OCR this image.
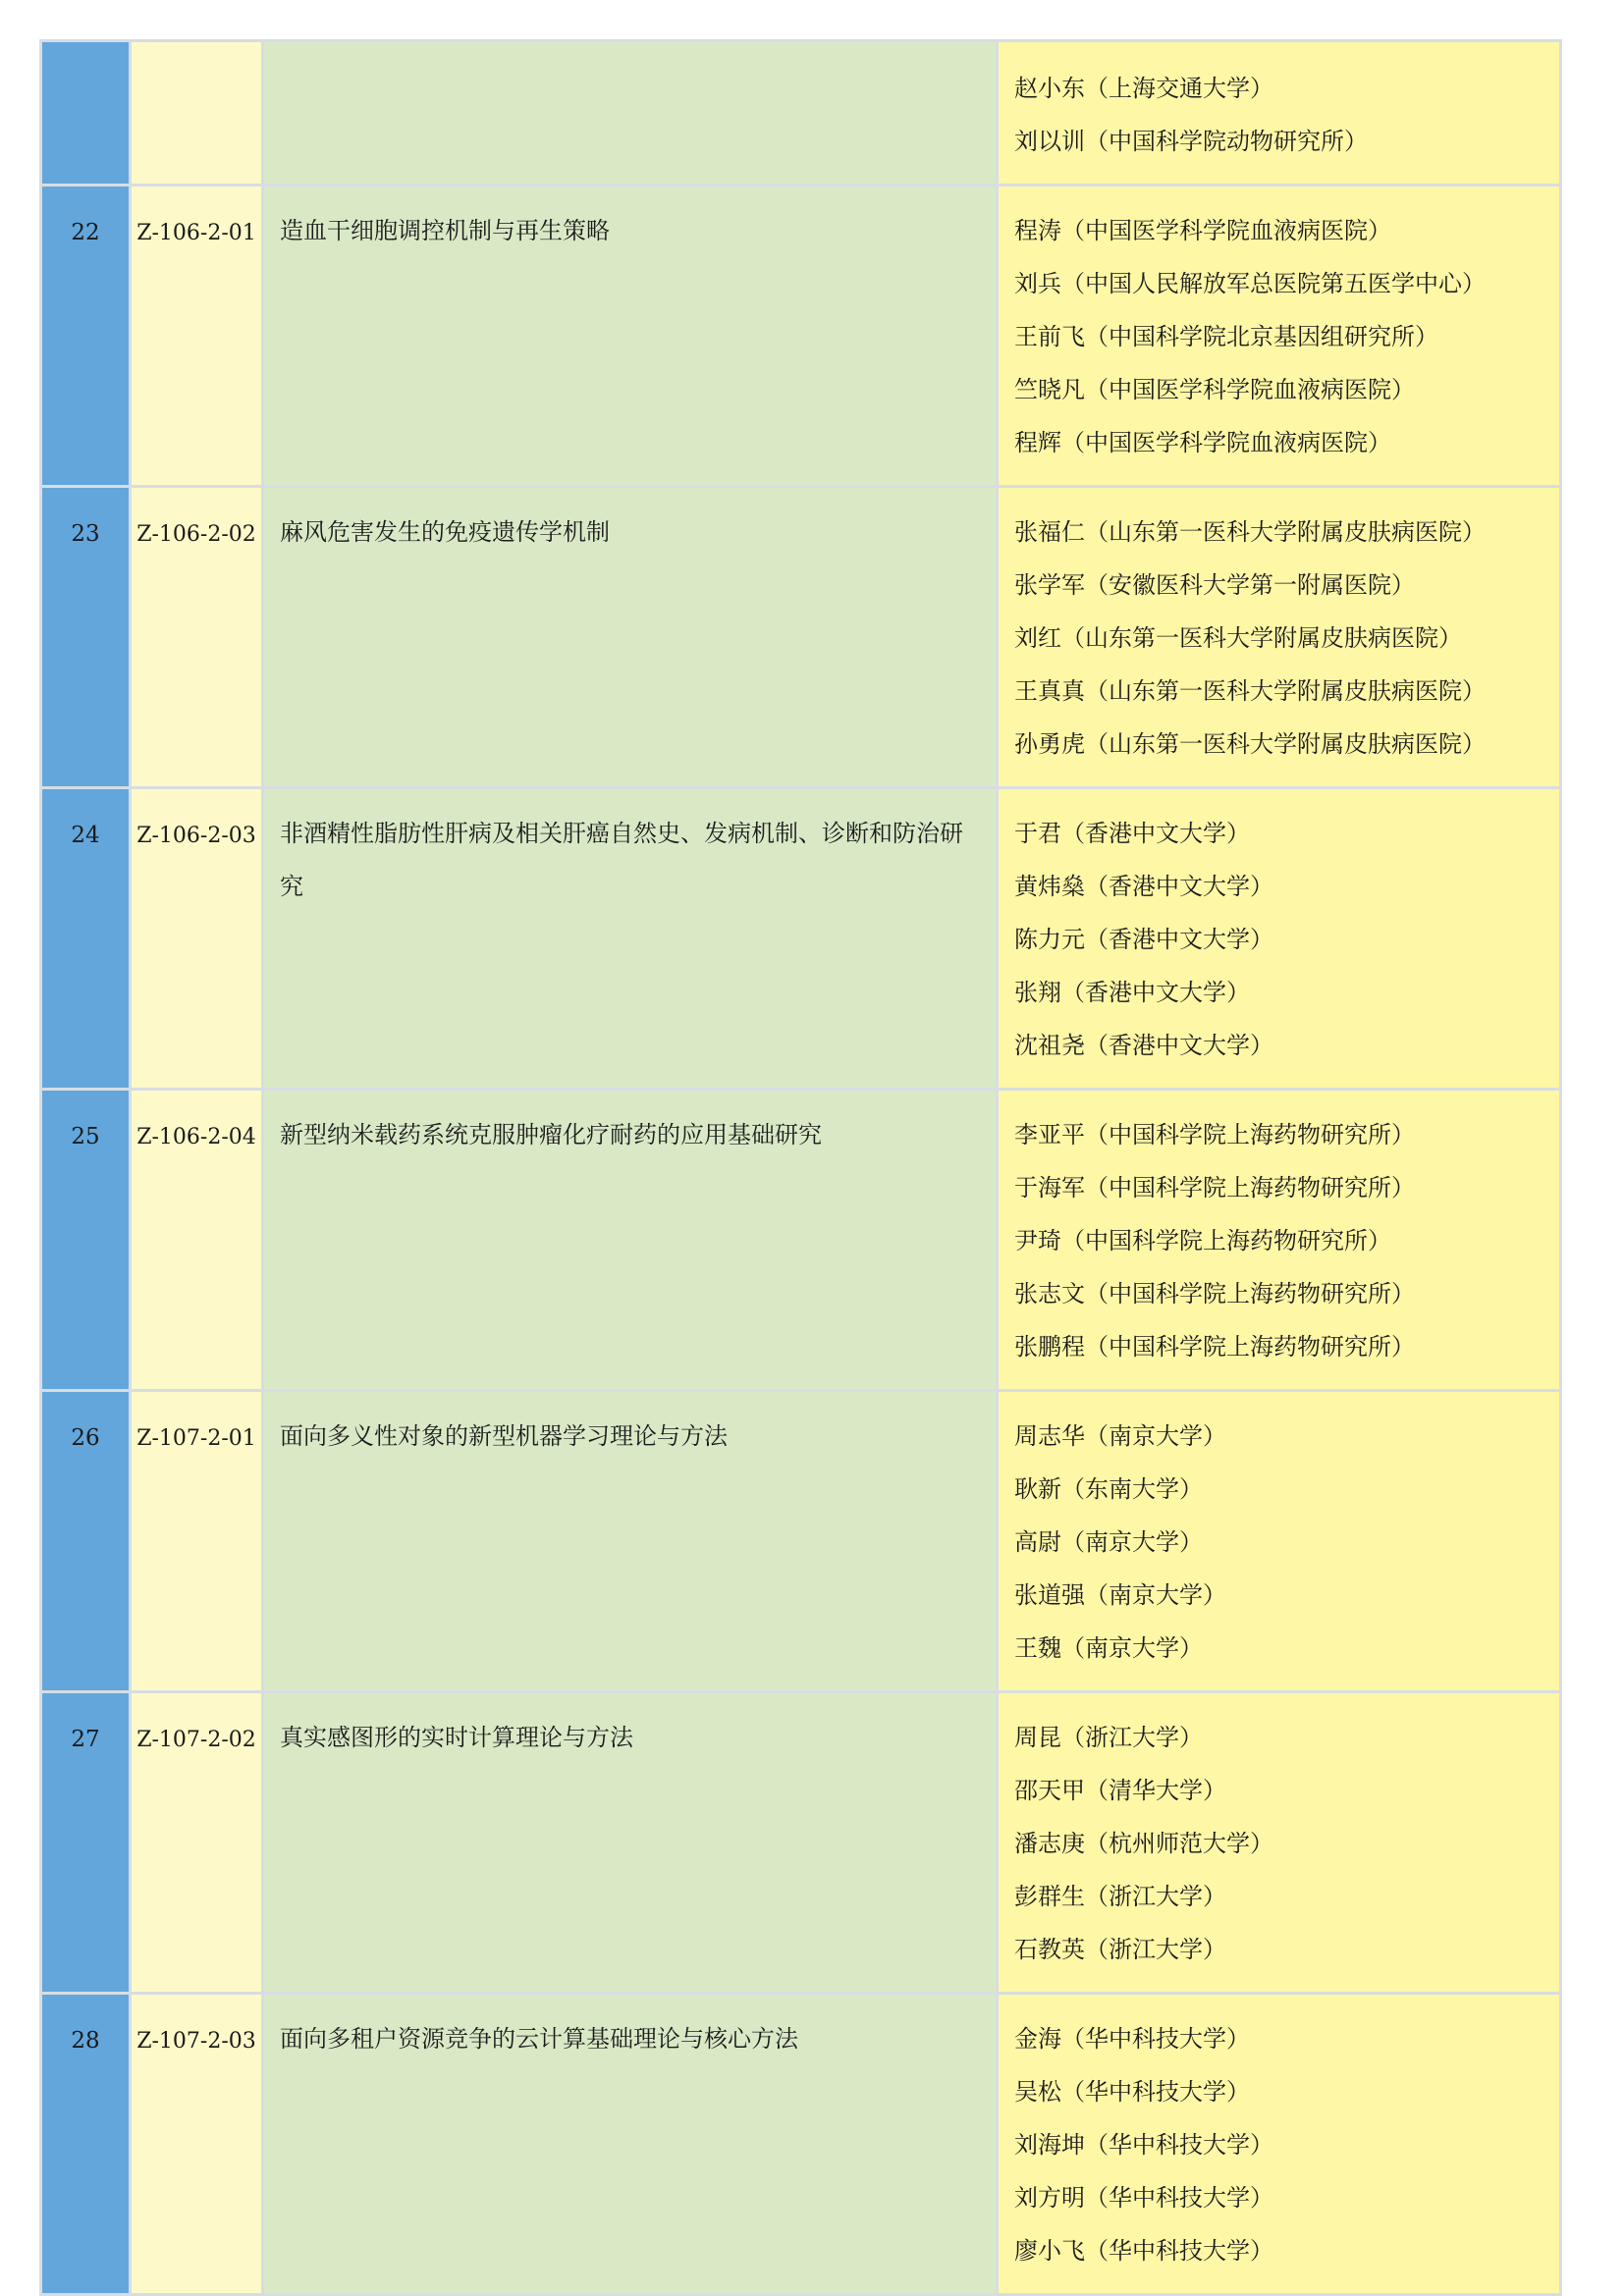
			赵小东（上海交通大学）
刘以训（中国科学院动物研究所）

22	Z-106-2-01	造血干细胞调控机制与再生策略	程涛（中国医学科学院血液病医院）
刘兵（中国人民解放军总医院第五医学中心）
王前飞（中国科学院北京基因组研究所）
竺晓凡（中国医学科学院血液病医院）
程辉（中国医学科学院血液病医院）

23	Z-106-2-02	麻风危害发生的免疫遗传学机制	张福仁（山东第一医科大学附属皮肤病医院）
张学军（安徽医科大学第一附属医院）
刘红（山东第一医科大学附属皮肤病医院）
王真真（山东第一医科大学附属皮肤病医院）
孙勇虎（山东第一医科大学附属皮肤病医院）

24	Z-106-2-03	非酒精性脂肪性肝病及相关肝癌自然史、发病机制、诊断和防治研究	于君（香港中文大学）
黄炜燊（香港中文大学）
陈力元（香港中文大学）
张翔（香港中文大学）
沈祖尧（香港中文大学）

25	Z-106-2-04	新型纳米载药系统克服肿瘤化疗耐药的应用基础研究	李亚平（中国科学院上海药物研究所）
于海军（中国科学院上海药物研究所）
尹琦（中国科学院上海药物研究所）
张志文（中国科学院上海药物研究所）
张鹏程（中国科学院上海药物研究所）

26	Z-107-2-01	面向多义性对象的新型机器学习理论与方法	周志华（南京大学）
耿新（东南大学）
高尉（南京大学）
张道强（南京大学）
王魏（南京大学）

27	Z-107-2-02	真实感图形的实时计算理论与方法	周昆（浙江大学）
邵天甲（清华大学）
潘志庚（杭州师范大学）
彭群生（浙江大学）
石教英（浙江大学）

28	Z-107-2-03	面向多租户资源竞争的云计算基础理论与核心方法	金海（华中科技大学）
吴松（华中科技大学）
刘海坤（华中科技大学）
刘方明（华中科技大学）
廖小飞（华中科技大学）
